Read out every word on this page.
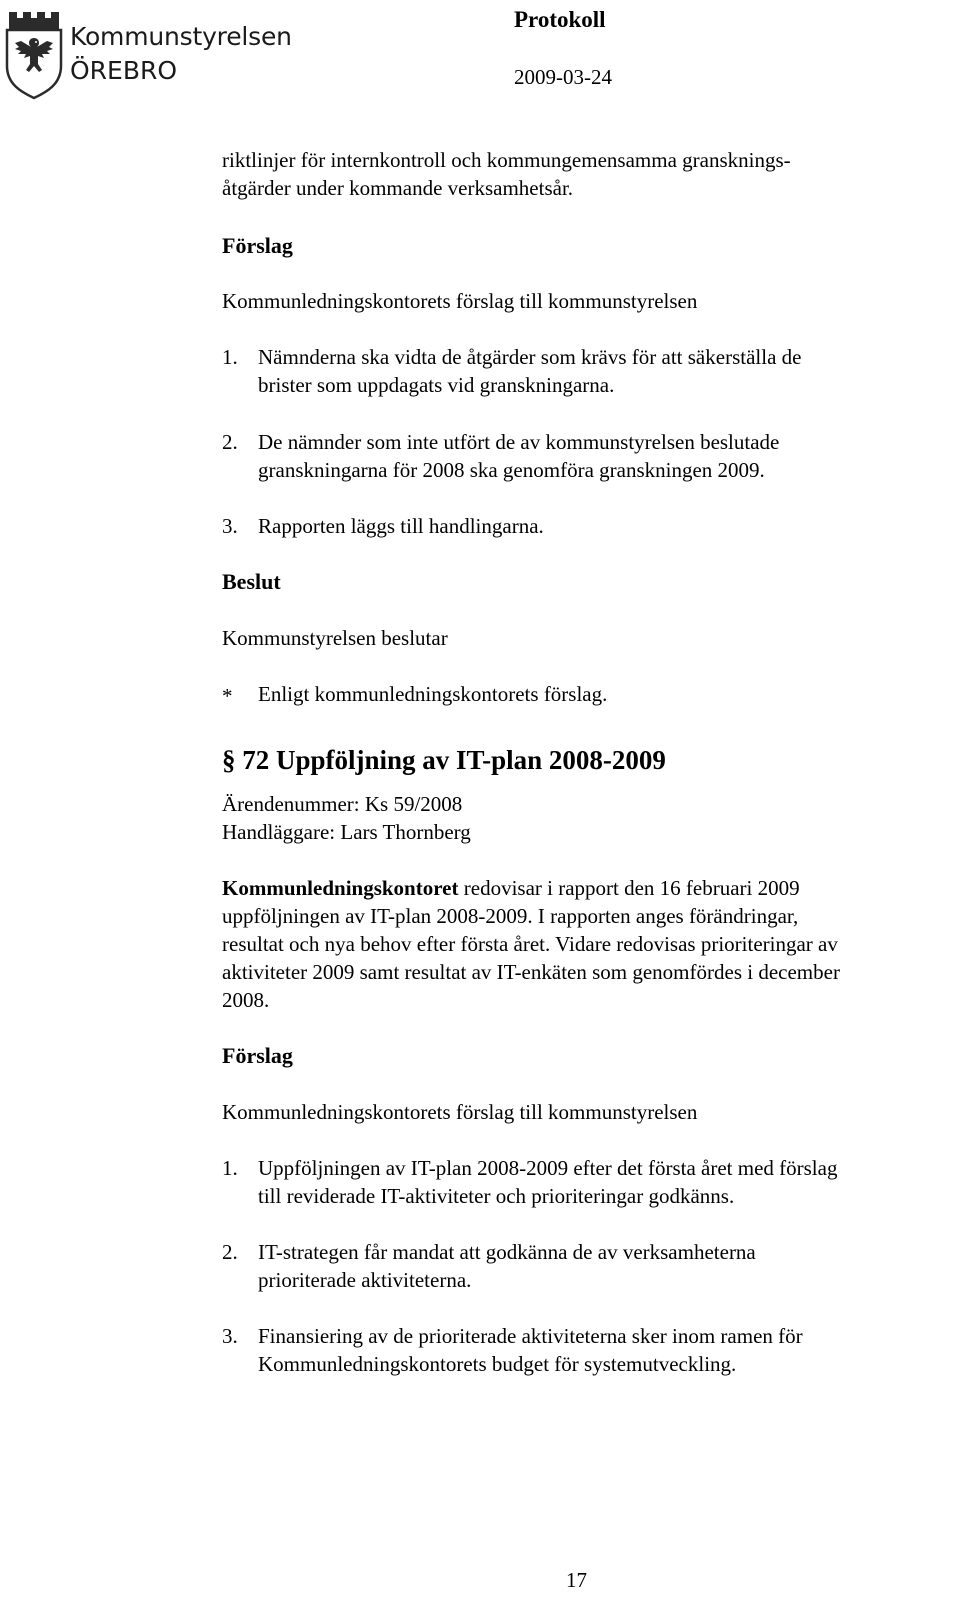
Kommunstyrelsen
ÖREBRO
Protokoll
2009-03-24
riktlinjer för internkontroll och kommungemensamma gransknings-
åtgärder under kommande verksamhetsår.
Förslag
Kommunledningskontorets förslag till kommunstyrelsen
1. Nämnderna ska vidta de åtgärder som krävs för att säkerställa de
brister som uppdagats vid granskningarna.
2. De nämnder som inte utfört de av kommunstyrelsen beslutade
granskningarna för 2008 ska genomföra granskningen 2009.
3. Rapporten läggs till handlingarna.
Beslut
Kommunstyrelsen beslutar
* Enligt kommunledningskontorets förslag.
§ 72 Uppföljning av IT-plan 2008-2009
Ärendenummer: Ks 59/2008
Handläggare: Lars Thornberg
Kommunledningskontoret redovisar i rapport den 16 februari 2009
uppföljningen av IT-plan 2008-2009. I rapporten anges förändringar,
resultat och nya behov efter första året. Vidare redovisas prioriteringar av
aktiviteter 2009 samt resultat av IT-enkäten som genomfördes i december
2008.
Förslag
Kommunledningskontorets förslag till kommunstyrelsen
1. Uppföljningen av IT-plan 2008-2009 efter det första året med förslag
till reviderade IT-aktiviteter och prioriteringar godkänns.
2. IT-strategen får mandat att godkänna de av verksamheterna
prioriterade aktiviteterna.
3. Finansiering av de prioriterade aktiviteterna sker inom ramen för
Kommunledningskontorets budget för systemutveckling.
17
